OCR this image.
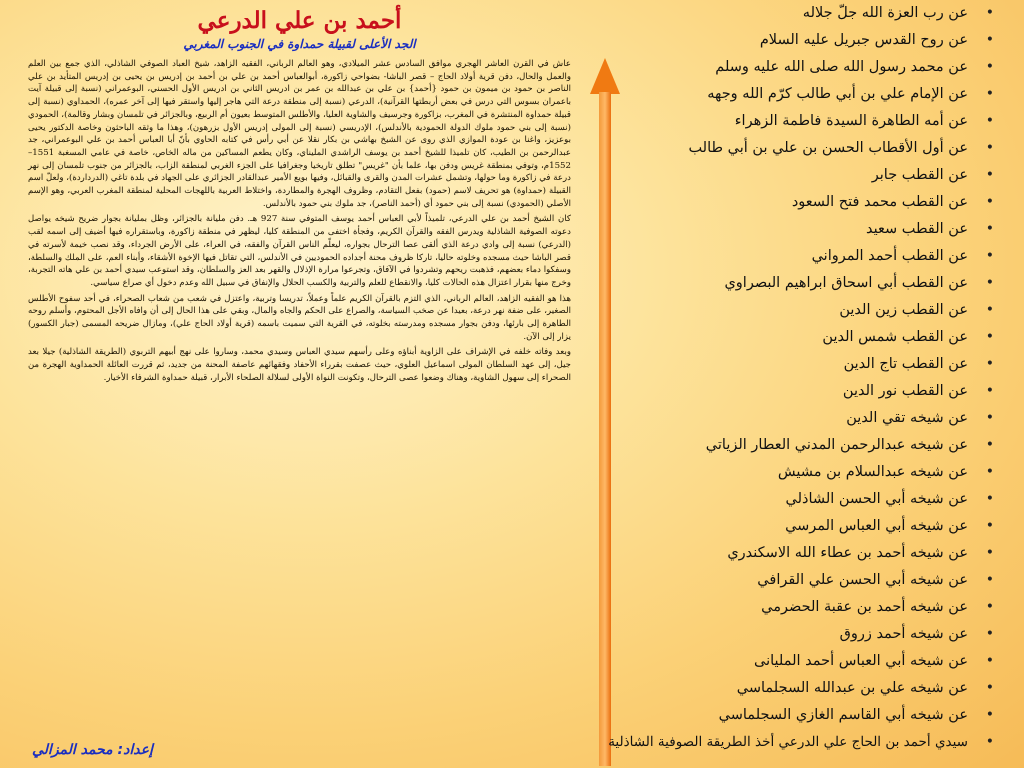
أحمد بن علي الدرعي
الجد الأعلى لقبيلة حمداوة في الجنوب المغربي

عاش في القرن العاشر الهجري موافق السادس عشر الميلادي، وهو العالم الرباني، الفقيه الزاهد، شيخ العباد الصوفي الشاذلي، الذي جمع بين العلم والعمل والحال، دفن قرية أولاد الحاج – قصر الباشا- بضواحي زاكورة، أبوالعباس أحمد بن علي بن أحمد بن إدريس بن يحيى بن إدريس المتأيد بن علي الناصر بن حمود بن ميمون بن حمود {أحمد} بن علي بن عبدالله بن عمر بن ادريس الثاني بن ادريس الأول الحسني، البوعمراني (نسبة إلى قبيلة آيت باعمران بسوس التي درس في بعض أربطتها القرآنية)، الدرعي (نسبة إلى منطقة درعة التي هاجر إليها واستقر فيها إلى آخر عمره)، الحمداوي (نسبة إلى قبيلة حمداوة المنتشرة في المغرب، بزاكورة وجرسيف والشاوية العليا، والأطلس المتوسط بعيون أم الربيع، وبالجزائر في تلمسان وبشار وقالمة)، الحمودي (نسبة إلى بني حمود ملوك الدولة الحمودية بالأندلس)، الإدريسي (نسبة إلى المولى إدريس الأول بزرهون)، وهذا ما وثقه الباحثون وخاصة الدكتور يحيى بوعزيز، واغنا بن عودة الموازي الذي روى عن الشيخ بهاشي بن بكار نقلا عن أبي رأس في كتابه الحاوي بأنّ أبا العباس أحمد بن علي البوعمراني، جد عبدالرحمن بن الطيب، كان تلميذا للشيخ أحمد بن يوسف الراشدي المليناي، وكان يطعم المساكين من ماله الخاص، خاصة في عامي المسغبة 1551–1552م، وتوفي بمنطقة غريس ودفن بها، علما بأن "غريس" تطلق تاريخيا وجغرافيا على الجزء الغربي لمنطقة الزاب، بالجزائر من جنوب تلمسان إلى نهر درعة في زاكورة وما حولها، وتشمل عشرات المدن والقرى والقبائل، وفيها بويع الأمير عبدالقادر الجزائري على الجهاد في بلدة تاغي (الدرداردة)، ولعلّ اسم القبيلة (حمداوة) هو تحريف لاسم (حمود) بفعل التقادم، وظروف الهجرة والمطاردة، واختلاط العربية باللهجات المحلية لمنطقة المغرب العربي، وهو الإسم الأصلي (الحمودي) نسبة إلى بني حمود أي (أحمد الناصر)، جد ملوك بني حمود بالأندلس.

كان الشيخ أحمد بن علي الدرعي، تلميذاً لأبي العباس أحمد يوسف المتوفي سنة 927 هـ. دفن مليانة بالجزائر، وظل بمليانة بجوار ضريح شيخه يواصل دعوته الصوفية الشاذلية ويدرس الفقه والقرآن الكريم، وفجأة اختفى من المنطقة كليا، ليظهر في منطقة زاكورة، وباستقراره فيها أضيف إلى اسمه لقب (الدرعي) نسبة إلى وادي درعة الذي ألقى عصا الترحال بجواره، ليعلّم الناس القرآن والفقه، في العراء، على الأرض الجرداء، وقد نصب خيمة لأسرته في قصر الباشا حيث مسجده وخلوته حاليا، تاركا ظروف محنة أجداده الحموديين في الأندلس، التي تقاتل فيها الإخوة الأشقاء، وأبناء العم، على الملك والسلطة، وسفكوا دماء بعضهم، فذهبت ريحهم وتشردوا في الآفاق، وتجرعوا مرارة الإذلال والقهر بعد العز والسلطان، وقد استوعب سيدي أحمد بن علي هاته التجربة، وخرج منها بقرار اعتزال هذه الحالات كليا، والانقطاع للعلم والتربية والكسب الحلال والإنفاق في سبيل الله وعدم دخول أي صراع سياسي.

هذا هو الفقيه الزاهد، العالم الرباني، الذي التزم بالقرآن الكريم علماً وعملاً، تدريسا وتربية، واعتزل في شعب من شعاب الصحراء، في أحد سفوح الأطلس الصغير، على ضفة نهر درعة، بعيدا عن صخب السياسة، والصراع على الحكم والجاه والمال، وبقي على هذا الحال إلى أن وافاه الأجل المحتوم، وأسلم روحه الطاهرة إلى بارئها، ودفن بجوار مسجده ومدرسته بخلوته، في القرية التي سميت باسمه (قرية أولاد الحاج علي)، ومازال ضريحه المسمى (جبار الكسور) يزار إلى الآن.

وبعد وفاته خلفه في الإشراف على الزاوية أبناؤه وعلى رأسهم سيدي العباس وسيدي محمد، وساروا على نهج أبيهم التربوي (الطريقة الشاذلية) جيلا بعد جيل، إلى عهد السلطان المولى اسماعيل العلوي، حيث عصفت بقرراء الأحفاد وفقهائهم عاصفة المحنة من جديد، ثم قررت العائلة الحمداوية الهجرة من الصحراء إلى سهول الشاوية، وهناك وضعوا عصى الترحال، وتكونت النواة الأولى لسلالة الصلحاء الأبرار، قبيلة حمداوة الشرفاء الأخيار.

إعداد: محمد المزالي
عن رب العزة الله جلّ جلاله •
عن روح القدس جبريل عليه السلام •
عن محمد رسول الله صلى الله عليه وسلم •
عن الإمام علي بن أبي طالب كرّم الله وجهه •
عن أمه الطاهرة السيدة فاطمة الزهراء •
عن أول الأقطاب الحسن بن علي بن أبي طالب •
عن القطب جابر •
عن القطب محمد فتح السعود •
عن القطب سعيد •
عن القطب أحمد المرواني •
عن القطب أبي اسحاق ابراهيم البصراوي •
عن القطب زين الدين •
عن القطب شمس الدين •
عن القطب تاج الدين •
عن القطب نور الدين •
عن شيخه تقي الدين •
عن شيخه عبدالرحمن المدني العطار الزياتي •
عن شيخه عبدالسلام بن مشيش •
عن شيخه أبي الحسن الشاذلي •
عن شيخه أبي العباس المرسي •
عن شيخه أحمد بن عطاء الله الاسكندري •
عن شيخه أبي الحسن علي القرافي •
عن شيخه أحمد بن عقبة الحضرمي •
عن شيخه أحمد زروق •
عن شيخه أبي العباس أحمد المليانى •
عن شيخه علي بن عبدالله السجلماسي •
عن شيخه أبي القاسم الغازي السجلماسي •
سيدي أحمد بن الحاج علي الدرعي أخذ الطريقة الصوفية الشاذلية •
